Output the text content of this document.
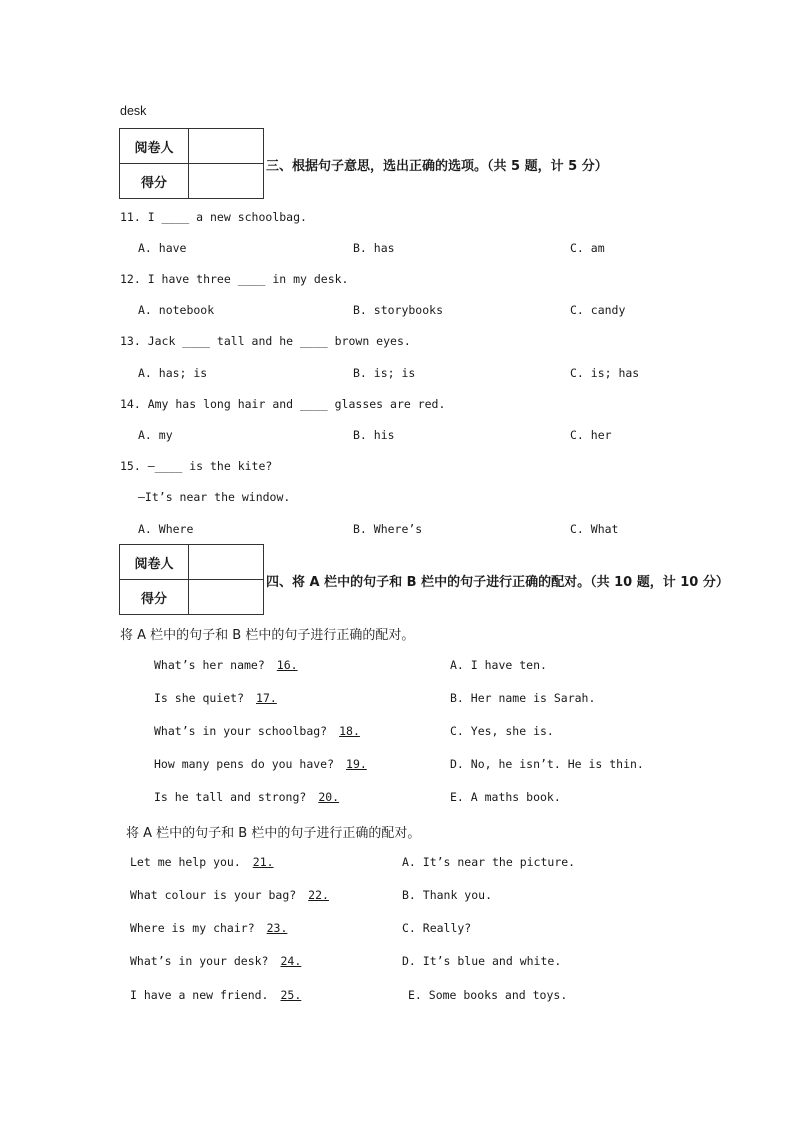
desk
阅卷人	
得分	
三、根据句子意思，选出正确的选项。（共 5 题，计 5 分）
11. I ____ a new schoolbag.
A. have	B. has	C. am
12. I have three ____ in my desk.
A. notebook	B. storybooks	C. candy
13. Jack ____ tall and he ____ brown eyes.
A. has; is	B. is; is	C. is; has
14. Amy has long hair and ____ glasses are red.
A. my	B. his	C. her
15. —____ is the kite?
—It’s near the window.
A. Where	B. Where’s	C. What
阅卷人	
得分	
四、将 A 栏中的句子和 B 栏中的句子进行正确的配对。（共 10 题，计 10 分）
将 A 栏中的句子和 B 栏中的句子进行正确的配对。
What’s her name? 16.	A. I have ten.
Is she quiet? 17.	B. Her name is Sarah.
What’s in your schoolbag? 18.	C. Yes, she is.
How many pens do you have? 19.	D. No, he isn’t. He is thin.
Is he tall and strong? 20.	E. A maths book.
将 A 栏中的句子和 B 栏中的句子进行正确的配对。
Let me help you. 21.	A. It’s near the picture.
What colour is your bag? 22.	B. Thank you.
Where is my chair? 23.	C. Really?
What’s in your desk? 24.	D. It’s blue and white.
I have a new friend. 25.	E. Some books and toys.
